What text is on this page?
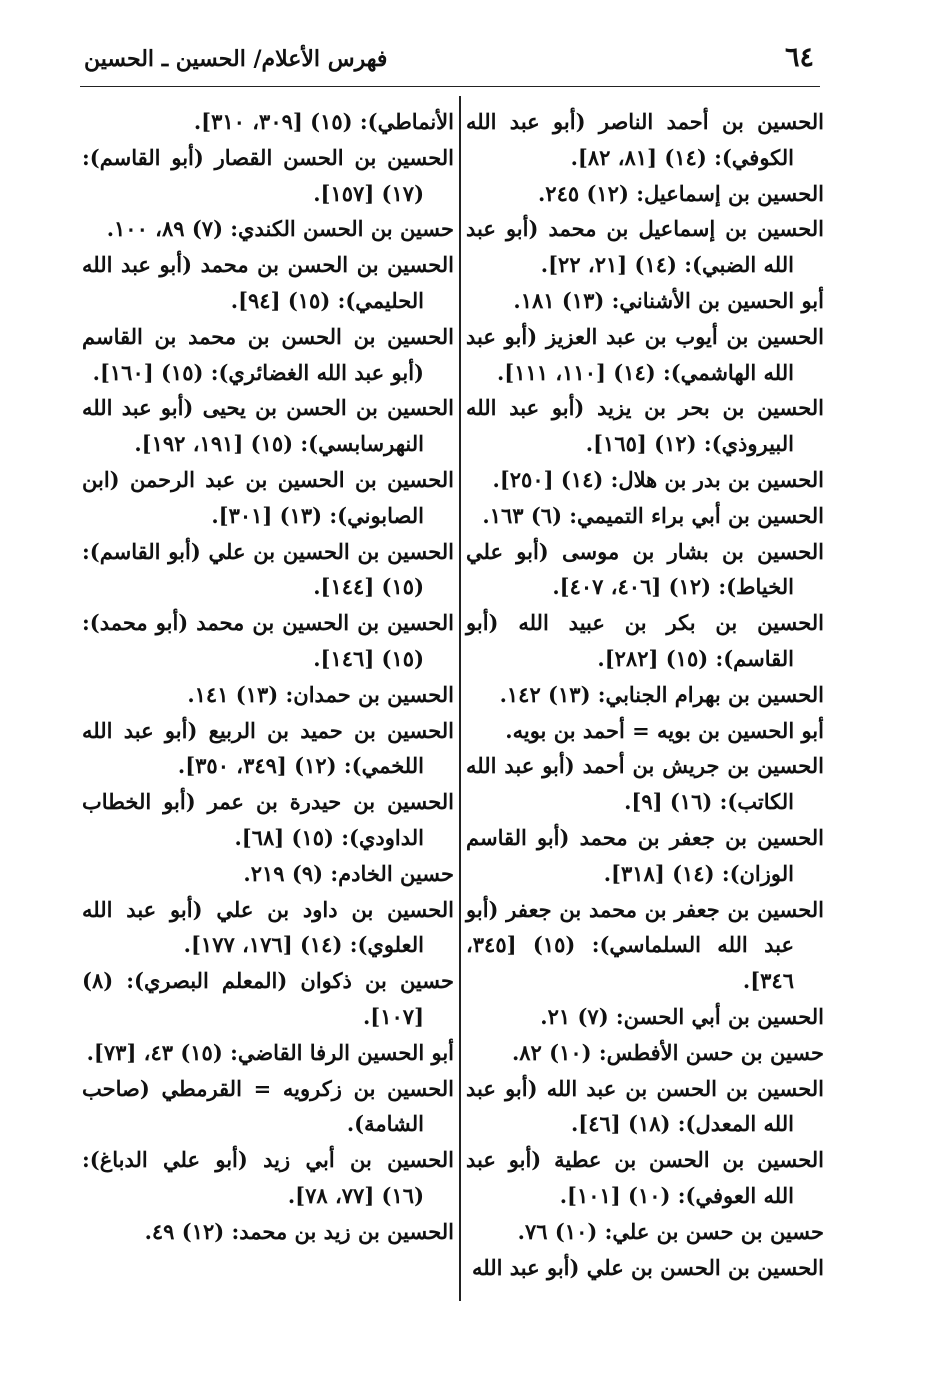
٦٤
فهرس الأعلام/ الحسين ـ الحسين

الحسين بن أحمد الناصر (أبو عبد الله الكوفي): (١٤) [٨١، ٨٢].

الحسين بن إسماعيل: (١٢) ٢٤٥.

الحسين بن إسماعيل بن محمد (أبو عبد الله الضبي): (١٤) [٢١، ٢٢].

أبو الحسين بن الأشناني: (١٣) ١٨١.

الحسين بن أيوب بن عبد العزيز (أبو عبد الله الهاشمي): (١٤) [١١٠، ١١١].

الحسين بن بحر بن يزيد (أبو عبد الله البيروذي): (١٢) [١٦٥].

الحسين بن بدر بن هلال: (١٤) [٢٥٠].

الحسين بن أبي براء التميمي: (٦) ١٦٣.

الحسين بن بشار بن موسى (أبو علي الخياط): (١٢) [٤٠٦، ٤٠٧].

الحسين بن بكر بن عبيد الله (أبو القاسم): (١٥) [٢٨٢].

الحسين بن بهرام الجنابي: (١٣) ١٤٢.

أبو الحسين بن بويه = أحمد بن بويه.

الحسين بن جريش بن أحمد (أبو عبد الله الكاتب): (١٦) [٩].

الحسين بن جعفر بن محمد (أبو القاسم الوزان): (١٤) [٣١٨].

الحسين بن جعفر بن محمد بن جعفر (أبو عبد الله السلماسي): (١٥) [٣٤٥، ٣٤٦].

الحسين بن أبي الحسن: (٧) ٢١.

حسين بن حسن الأفطس: (١٠) ٨٢.

الحسين بن الحسن بن عبد الله (أبو عبد الله المعدل): (١٨) [٤٦].

الحسين بن الحسن بن عطية (أبو عبد الله العوفي): (١٠) [١٠١].

حسين بن حسن بن علي: (١٠) ٧٦.

الحسين بن الحسن بن علي (أبو عبد الله

الأنماطي): (١٥) [٣٠٩، ٣١٠].

الحسين بن الحسن القصار (أبو القاسم): (١٧) [١٥٧].

حسين بن الحسن الكندي: (٧) ٨٩، ١٠٠.

الحسين بن الحسن بن محمد (أبو عبد الله الحليمي): (١٥) [٩٤].

الحسين بن الحسن بن محمد بن القاسم (أبو عبد الله الغضائري): (١٥) [١٦٠].

الحسين بن الحسن بن يحيى (أبو عبد الله النهرسابسي): (١٥) [١٩١، ١٩٢].

الحسين بن الحسين بن عبد الرحمن (ابن الصابوني): (١٣) [٣٠١].

الحسين بن الحسين بن علي (أبو القاسم): (١٥) [١٤٤].

الحسين بن الحسين بن محمد (أبو محمد): (١٥) [١٤٦].

الحسين بن حمدان: (١٣) ١٤١.

الحسين بن حميد بن الربيع (أبو عبد الله اللخمي): (١٢) [٣٤٩، ٣٥٠].

الحسين بن حيدرة بن عمر (أبو الخطاب الداودي): (١٥) [٦٨].

حسين الخادم: (٩) ٢١٩.

الحسين بن داود بن علي (أبو عبد الله العلوي): (١٤) [١٧٦، ١٧٧].

حسين بن ذكوان (المعلم البصري): (٨) [١٠٧].

أبو الحسين الرفا القاضي: (١٥) ٤٣، [٧٣].

الحسين بن زكرويه = القرمطي (صاحب الشامة).

الحسين بن أبي زيد (أبو علي الدباغ): (١٦) [٧٧، ٧٨].

الحسين بن زيد بن محمد: (١٢) ٤٩.
